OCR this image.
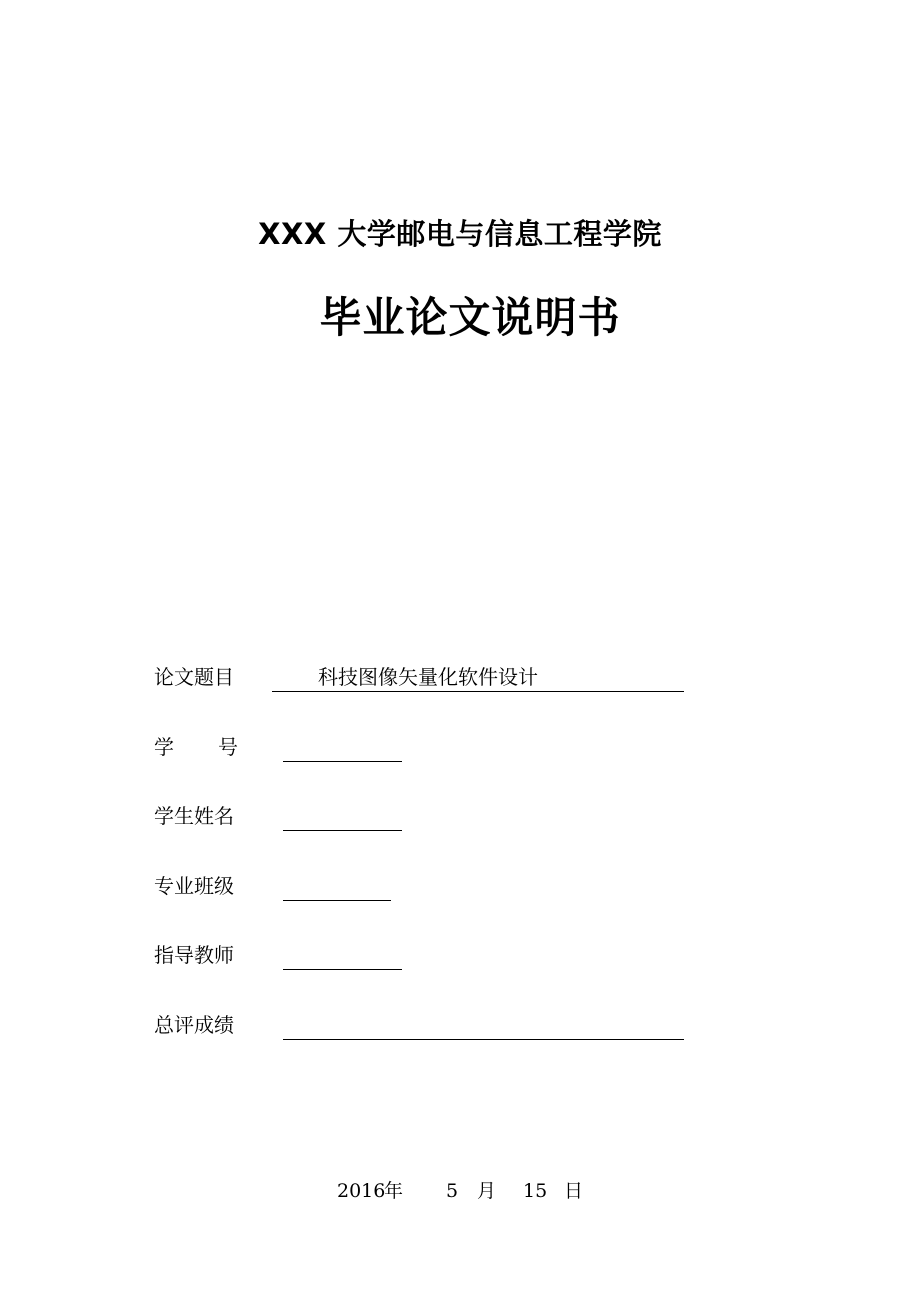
XXX 大学邮电与信息工程学院
毕业论文说明书
论文题目	科技图像矢量化软件设计
学　　号
学生姓名
专业班级
指导教师
总评成绩
2016
年 5 月 15 日
